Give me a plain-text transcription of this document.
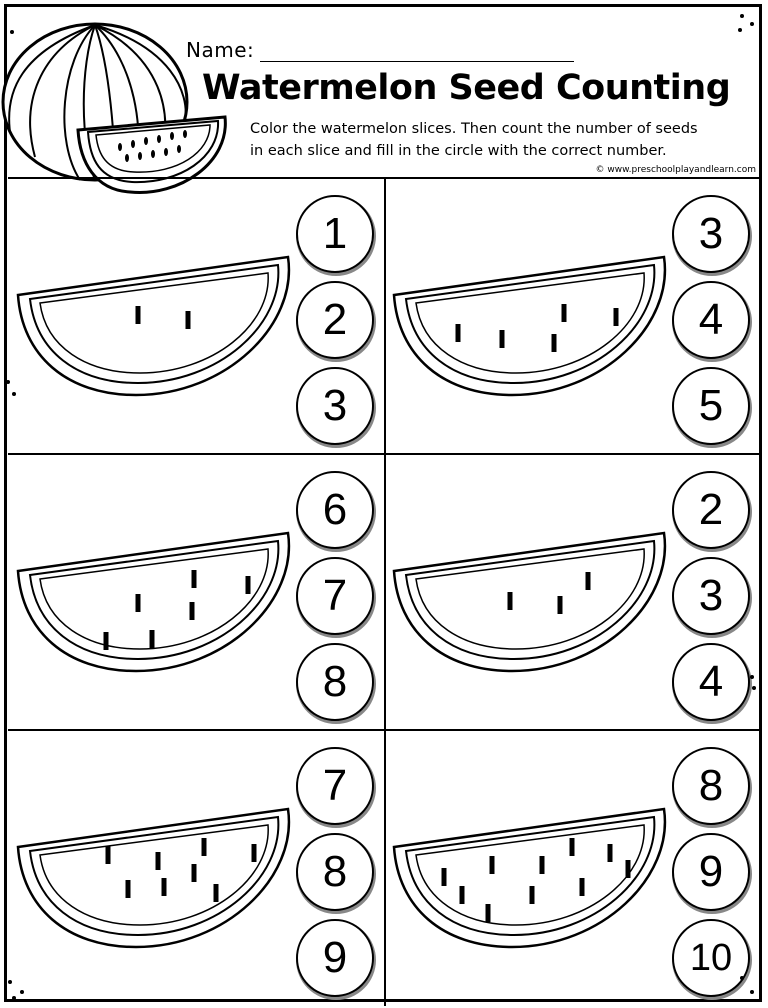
Name:
Watermelon Seed Counting
Color the watermelon slices. Then count the number of seeds
in each slice and fill in the circle with the correct number.
© www.preschoolplayandlearn.com
1
2
3
3
4
5
6
7
8
2
3
4
7
8
9
8
9
10
